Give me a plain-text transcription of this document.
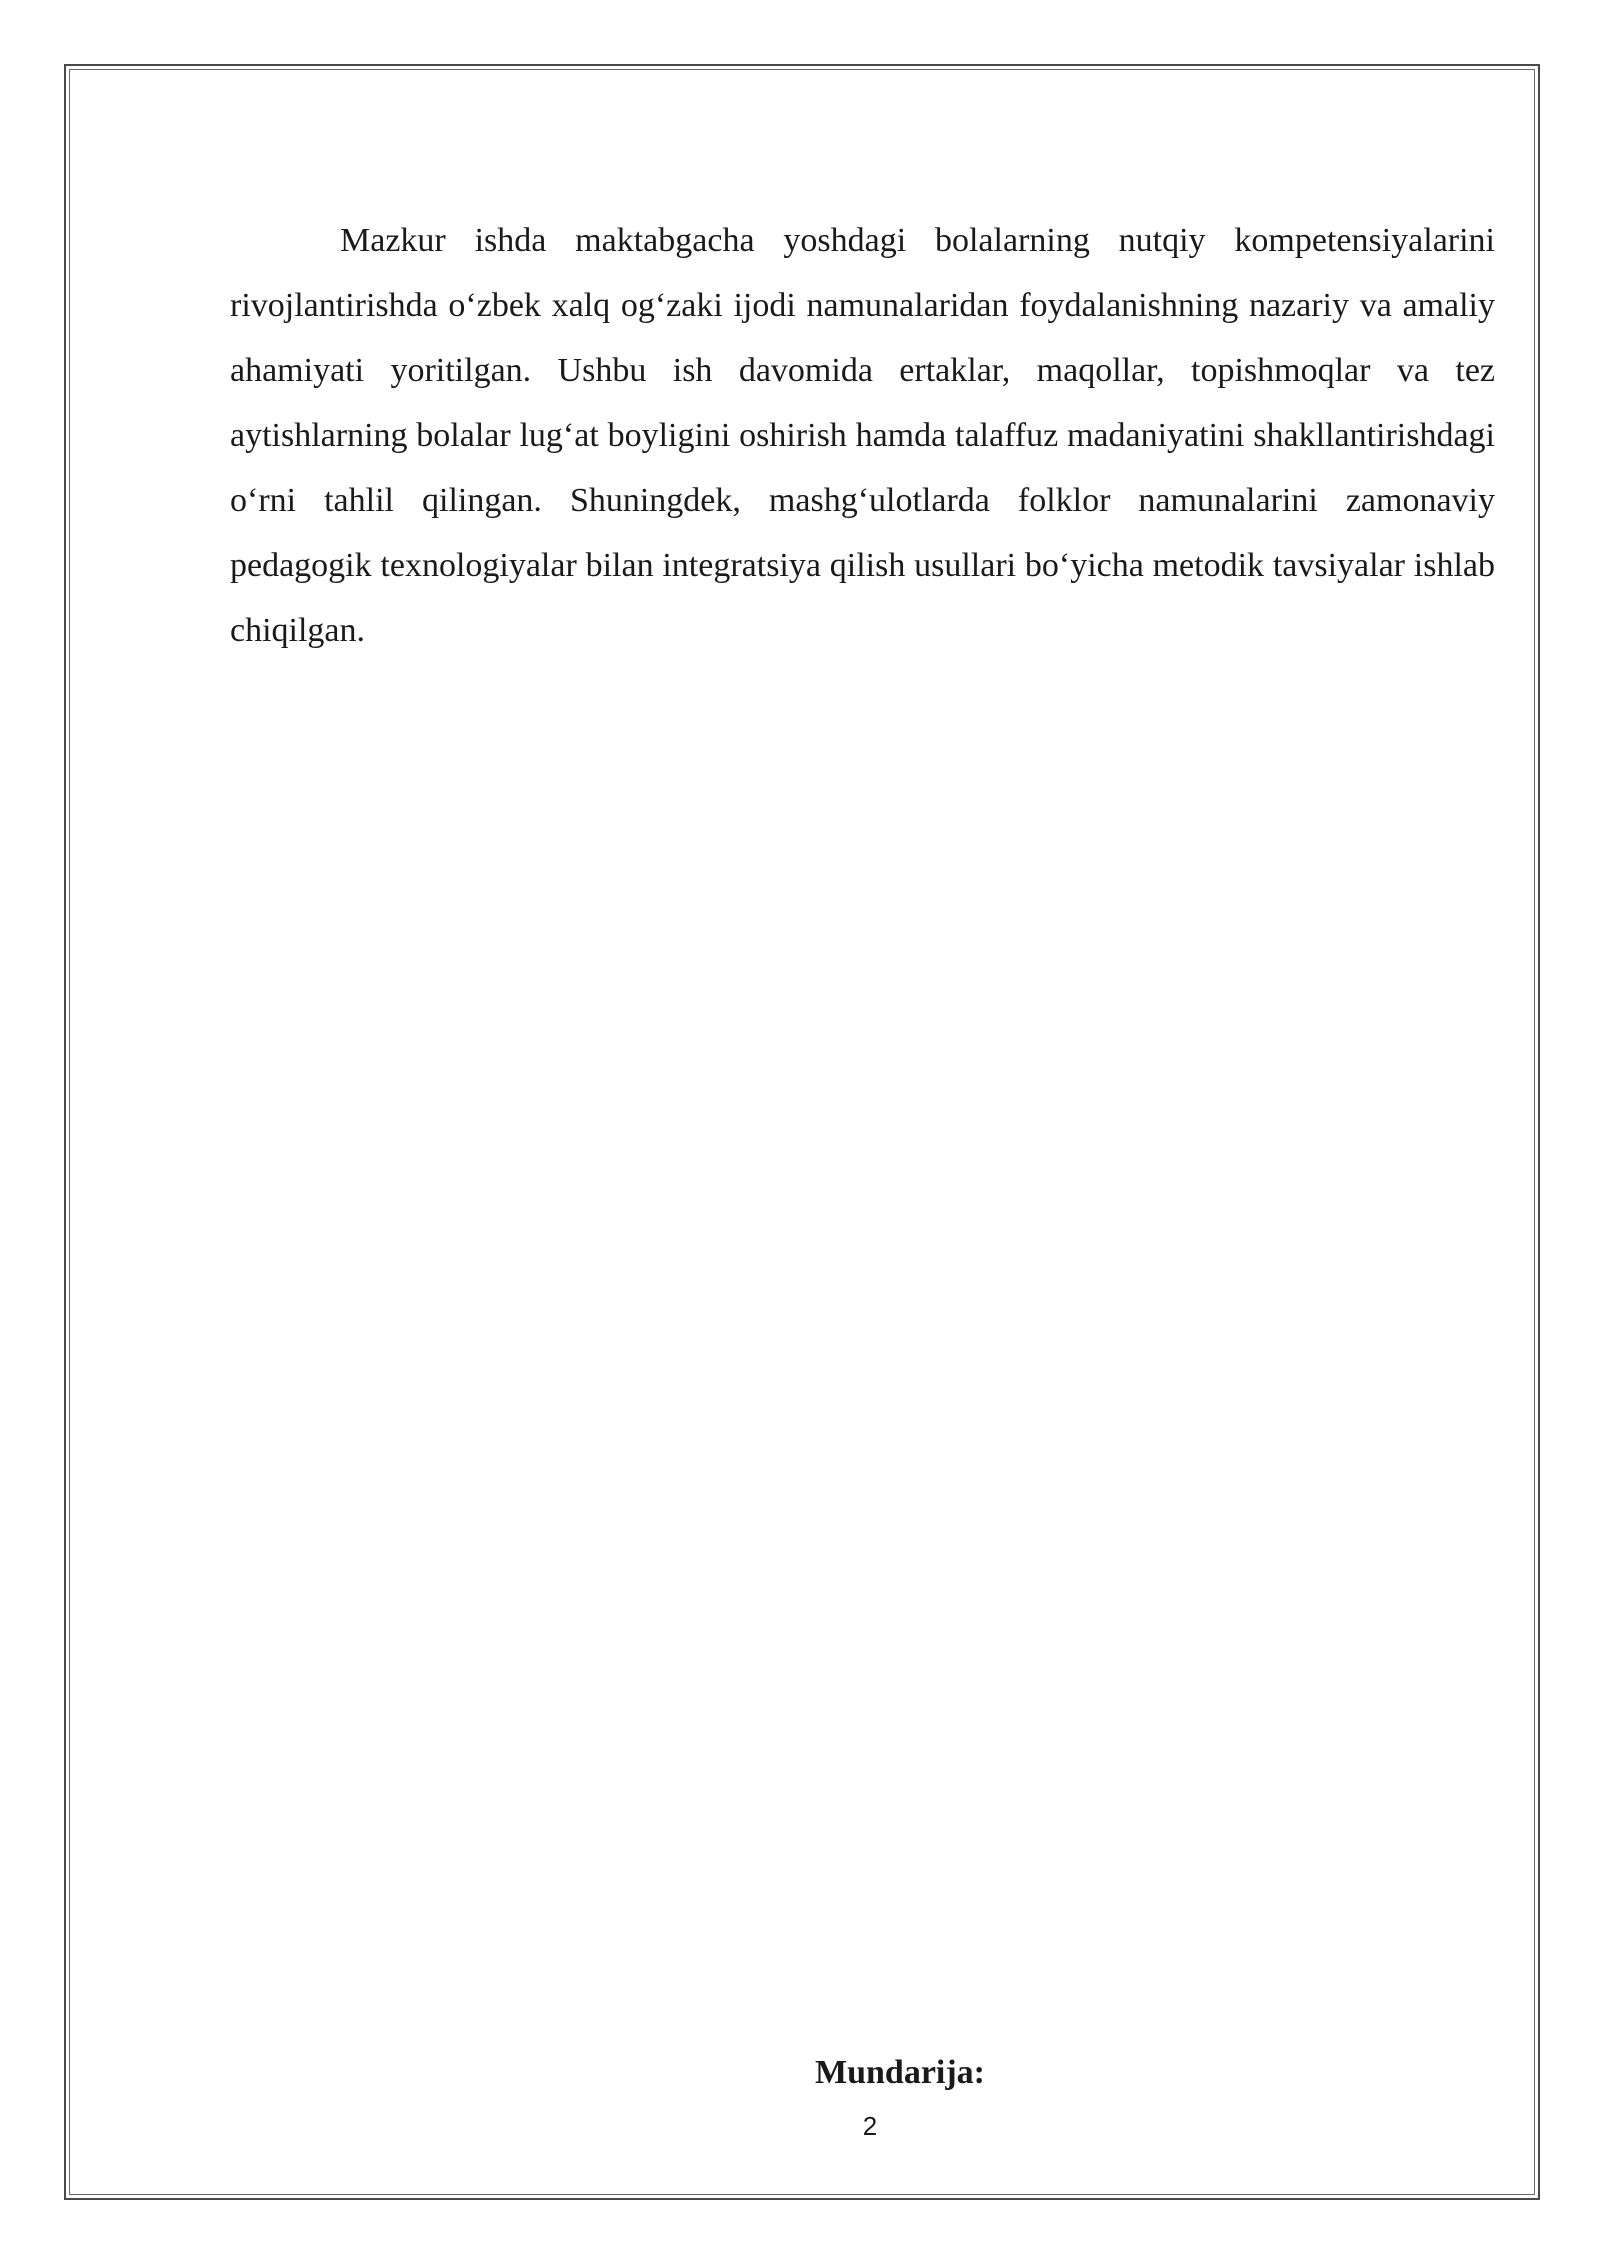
Mazkur ishda maktabgacha yoshdagi bolalarning nutqiy kompetensiyalarini rivojlantirishda o‘zbek xalq og‘zaki ijodi namunalaridan foydalanishning nazariy va amaliy ahamiyati yoritilgan. Ushbu ish davomida ertaklar, maqollar, topishmoqlar va tez aytishlarning bolalar lug‘at boyligini oshirish hamda talaffuz madaniyatini shakllantirishdagi o‘rni tahlil qilingan. Shuningdek, mashg‘ulotlarda folklor namunalarini zamonaviy pedagogik texnologiyalar bilan integratsiya qilish usullari bo‘yicha metodik tavsiyalar ishlab chiqilgan.

Mundarija:

2
